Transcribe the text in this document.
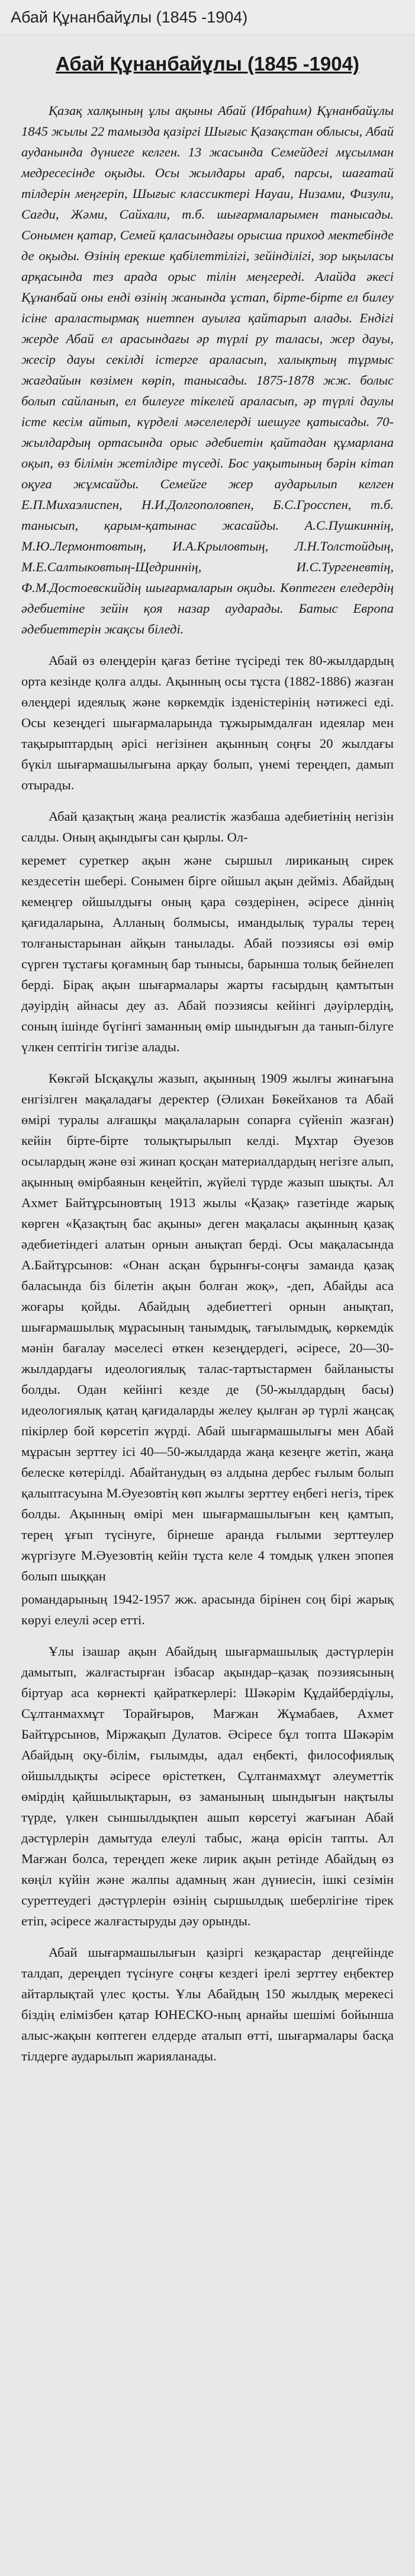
Абай Құнанбайұлы (1845 -1904)
Абай Құнанбайұлы (1845 -1904)

Қазақ халқының ұлы ақыны Абай (Ибраһим) Құнанбайұлы 1845 жылы 22 тамызда қазіргі Шығыс Қазақстан облысы, Абай ауданында дүниеге келген. 13 жасында Семейдегі мұсылман медресесінде оқыды. Осы жылдары араб, парсы, шағатай тілдерін меңгеріп, Шығыс классиктері Науаи, Низами, Физули, Сағди, Жәми, Сайхали, т.б. шығармаларымен танысады. Сонымен қатар, Семей қаласындағы орысша приход мектебінде де оқыды. Өзінің ерекше қабілеттілігі, зейінділігі, зор ықыласы арқасында тез арада орыс тілін меңгереді. Алайда әкесі Құнанбай оны енді өзінің жанында ұстап, бірте-бірте ел билеу ісіне араластырмақ ниетпен ауылға қайтарып алады. Ендігі жерде Абай ел арасындағы әр түрлі ру таласы, жер дауы, жесір дауы секілді істерге араласып, халықтың тұрмыс жағдайын көзімен көріп, танысады. 1875-1878 жж. болыс болып сайланып, ел билеуге тікелей араласып, әр түрлі даулы істе кесім айтып, күрделі мәселелерді шешуге қатысады. 70-жылдардың ортасында орыс әдебиетін қайтадан құмарлана оқып, өз білімін жетілдіре түседі. Бос уақытының бәрін кітап оқуға жұмсайды. Семейге жер аударылып келген Е.П.Михаэлиспен, Н.И.Долгополовпен, Б.С.Гросспен, т.б. танысып, қарым-қатынас жасайды. А.С.Пушкиннің, М.Ю.Лермонтовтың, И.А.Крыловтың, Л.Н.Толстойдың, М.Е.Салтыковтың-Щедриннің, И.С.Тургеневтің, Ф.М.Достоевскийдің шығармаларын оқиды. Көптеген еледердің әдебиетіне зейін қоя назар аударады. Батыс Европа әдебиеттерін жақсы біледі.

Абай өз өлеңдерін қағаз бетіне түсіреді тек 80-жылдардың орта кезінде қолға алды. Ақынның осы тұста (1882-1886) жазған өлеңдері идеялық және көркемдік ізденістерінің нәтижесі еді. Осы кезеңдегі шығармаларында тұжырымдалған идеялар мен тақырыптардың әрісі негізінен ақынның соңғы 20 жылдағы бүкіл шығармашылығына арқау болып, үнемі тереңдеп, дамып отырады.

Абай қазақтың жаңа реалистік жазбаша әдебиетінің негізін салды. Оның ақындығы сан қырлы. Ол-

керемет суреткер ақын және сыршыл лириканың сирек кездесетін шебері. Сонымен бірге ойшыл ақын деймiз. Абайдың кемеңгер ойшылдығы оның қара сөздерінен, әсіресе діннің қағидаларына, Алланың болмысы, имандылық туралы терең толғаныстарынан айқын танылады. Абай поэзиясы өзі өмір сүрген тұстағы қоғамның бар тынысы, барынша толық бейнелеп берді. Бірақ ақын шығармалары жарты ғасырдың қамтытын дәуірдің айнасы деу аз. Абай поэзиясы кейінгі дәуірлердің, соның ішінде бүгінгі заманның өмір шындығын да танып-білуге үлкен септігін тигізе алады.

Көкгәй Ысқақұлы жазып, ақынның 1909 жылғы жинағына енгізілген мақаладағы деректер (Әлихан Бөкейханов та Абай өмірі туралы алғашқы мақалаларын сопарға сүйеніп жазған) кейін бірте-бірте толықтырылып келді. Мұхтар Әуезов осылардың және өзі жинап қосқан материалдардың негізге алып, ақынның өмірбаянын кеңейтіп, жүйелі түрде жазып шықты. Ал Ахмет Байтұрсыновтың 1913 жылы «Қазақ» газетінде жарық көрген «Қазақтың бас ақыны» деген мақаласы ақынның қазақ әдебиетіндегі алатын орнын анықтап берді. Осы мақаласында А.Байтұрсынов: «Онан асқан бұрынғы-соңғы заманда қазақ баласында біз білетін ақын болған жоқ», -деп, Абайды аса жоғары қойды. Абайдың әдебиеттегі орнын анықтап, шығармашылық мұрасының танымдық, тағылымдық, көркемдік мәнін бағалау мәселесі өткен кезеңдердегі, әсіресе, 20—30-жылдардағы идеологиялық талас-тартыстармен байланысты болды. Одан кейінгі кезде де (50-жылдардың басы) идеологиялық қатаң қағидаларды желеу қылған әр түрлі жаңсақ пікірлер бой көрсетіп жүрді. Абай шығармашылығы мен Абай мұрасын зерттеу ісі 40—50-жылдарда жаңа кезеңге жетіп, жаңа белеске көтерілді. Абайтанудың өз алдына дербес ғылым болып қалыптасуына М.Әуезовтің көп жылғы зерттеу еңбегі негіз, тірек болды. Ақынның өмірі мен шығармашылығын кең қамтып, терең ұғып түсінуге, бірнеше аранда ғылыми зерттеулер жүргізуге М.Әуезовтің кейін тұста келе 4 томдық үлкен эпопея болып шыққан

романдарының 1942-1957 жж. арасында бірінен соң бірі жарық көруі елеулі әсер етті.

Ұлы ізашар ақын Абайдың шығармашылық дәстүрлерін дамытып, жалғастырған ізбасар ақындар–қазақ поэзиясының біртуар аса көрнекті қайраткерлері: Шәкәрім Құдайбердіұлы, Сұлтанмахмұт Торайғыров, Мағжан Жұмабаев, Ахмет Байтұрсынов, Міржақып Дулатов. Әсіресе бұл топта Шәкәрім Абайдың оқу-білім, ғылымды, адал еңбекті, философиялық ойшылдықты әсіресе өрістеткен, Сұлтанмахмұт әлеуметтік өмірдің қайшылықтарын, өз заманының шындығын нақтылы түрде, үлкен сыншылдықпен ашып көрсетуі жағынан Абай дәстүрлерін дамытуда елеулі табыс, жаңа өрісін тапты. Ал Мағжан болса, тереңдеп жеке лирик ақын ретінде Абайдың өз көңіл күйін және жалпы адамның жан дүниесін, ішкі сезімін суреттеудегі дәстүрлерін өзінің сыршылдық шеберлігіне тірек етіп, әсіресе жалғастыруды дәу орынды.

Абай шығармашылығын қазіргі кезқарастар деңгейінде талдап, дереңдеп түсінуге соңғы кездегі ірелі зерттеу еңбектер айтарлықтай үлес қосты. Ұлы Абайдың 150 жылдық мерекесі біздің елімізбен қатар ЮНЕСКО-ның арнайы шешімі бойынша алыс-жақын көптеген елдерде аталып өтті, шығармалары басқа тілдерге аударылып жарияланады.
